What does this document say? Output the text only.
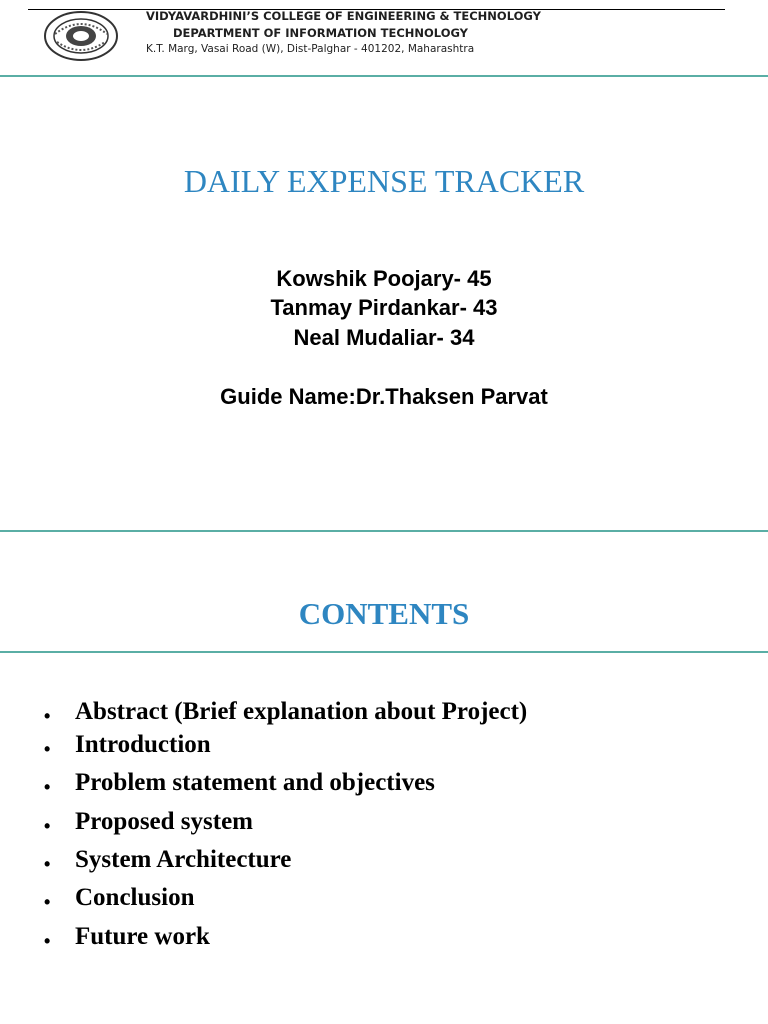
VIDYAVARDHINI’S COLLEGE OF ENGINEERING & TECHNOLOGY
DEPARTMENT OF INFORMATION TECHNOLOGY
K.T. Marg, Vasai Road (W), Dist-Palghar - 401202, Maharashtra
DAILY EXPENSE TRACKER
Kowshik Poojary- 45
Tanmay Pirdankar- 43
Neal Mudaliar- 34
Guide Name:Dr.Thaksen Parvat
CONTENTS
• Abstract (Brief explanation about Project)
• Introduction
• Problem statement and objectives
• Proposed system
• System Architecture
• Conclusion
• Future work
